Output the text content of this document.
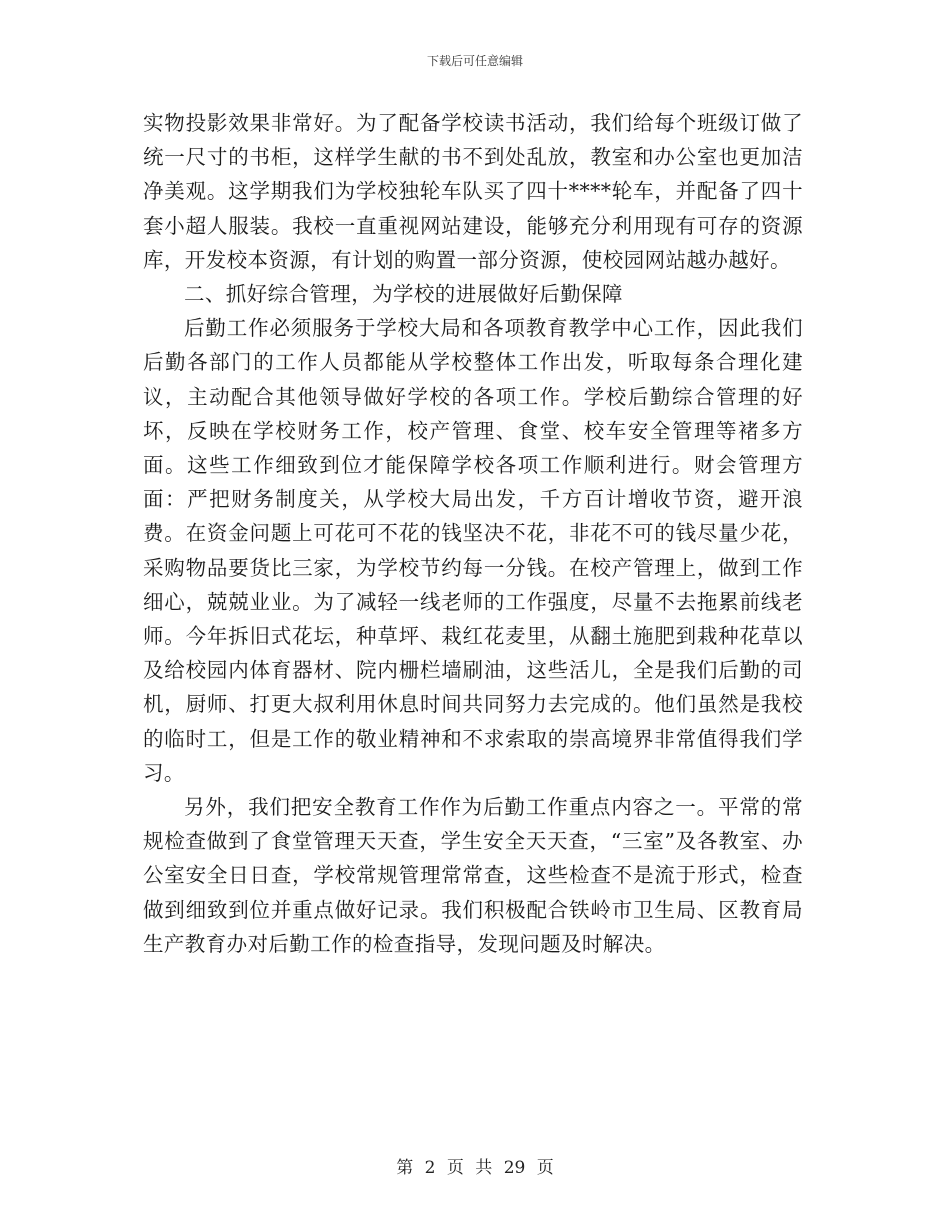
下载后可任意编辑

实物投影效果非常好。为了配备学校读书活动，我们给每个班级订做了统一尺寸的书柜，这样学生献的书不到处乱放，教室和办公室也更加洁净美观。这学期我们为学校独轮车队买了四十****轮车，并配备了四十套小超人服装。我校一直重视网站建设，能够充分利用现有可存的资源库，开发校本资源，有计划的购置一部分资源，使校园网站越办越好。

二、抓好综合管理，为学校的进展做好后勤保障

后勤工作必须服务于学校大局和各项教育教学中心工作，因此我们后勤各部门的工作人员都能从学校整体工作出发，听取每条合理化建议，主动配合其他领导做好学校的各项工作。学校后勤综合管理的好坏，反映在学校财务工作，校产管理、食堂、校车安全管理等褚多方面。这些工作细致到位才能保障学校各项工作顺利进行。财会管理方面：严把财务制度关，从学校大局出发，千方百计增收节资，避开浪费。在资金问题上可花可不花的钱坚决不花，非花不可的钱尽量少花，采购物品要货比三家，为学校节约每一分钱。在校产管理上，做到工作细心，兢兢业业。为了减轻一线老师的工作强度，尽量不去拖累前线老师。今年拆旧式花坛，种草坪、栽红花麦里，从翻土施肥到栽种花草以及给校园内体育器材、院内栅栏墙刷油，这些活儿，全是我们后勤的司机，厨师、打更大叔利用休息时间共同努力去完成的。他们虽然是我校的临时工，但是工作的敬业精神和不求索取的崇高境界非常值得我们学习。

另外，我们把安全教育工作作为后勤工作重点内容之一。平常的常规检查做到了食堂管理天天查，学生安全天天查，“三室”及各教室、办公室安全日日查，学校常规管理常常查，这些检查不是流于形式，检查做到细致到位并重点做好记录。我们积极配合铁岭市卫生局、区教育局生产教育办对后勤工作的检查指导，发现问题及时解决。

第 2 页 共 29 页
